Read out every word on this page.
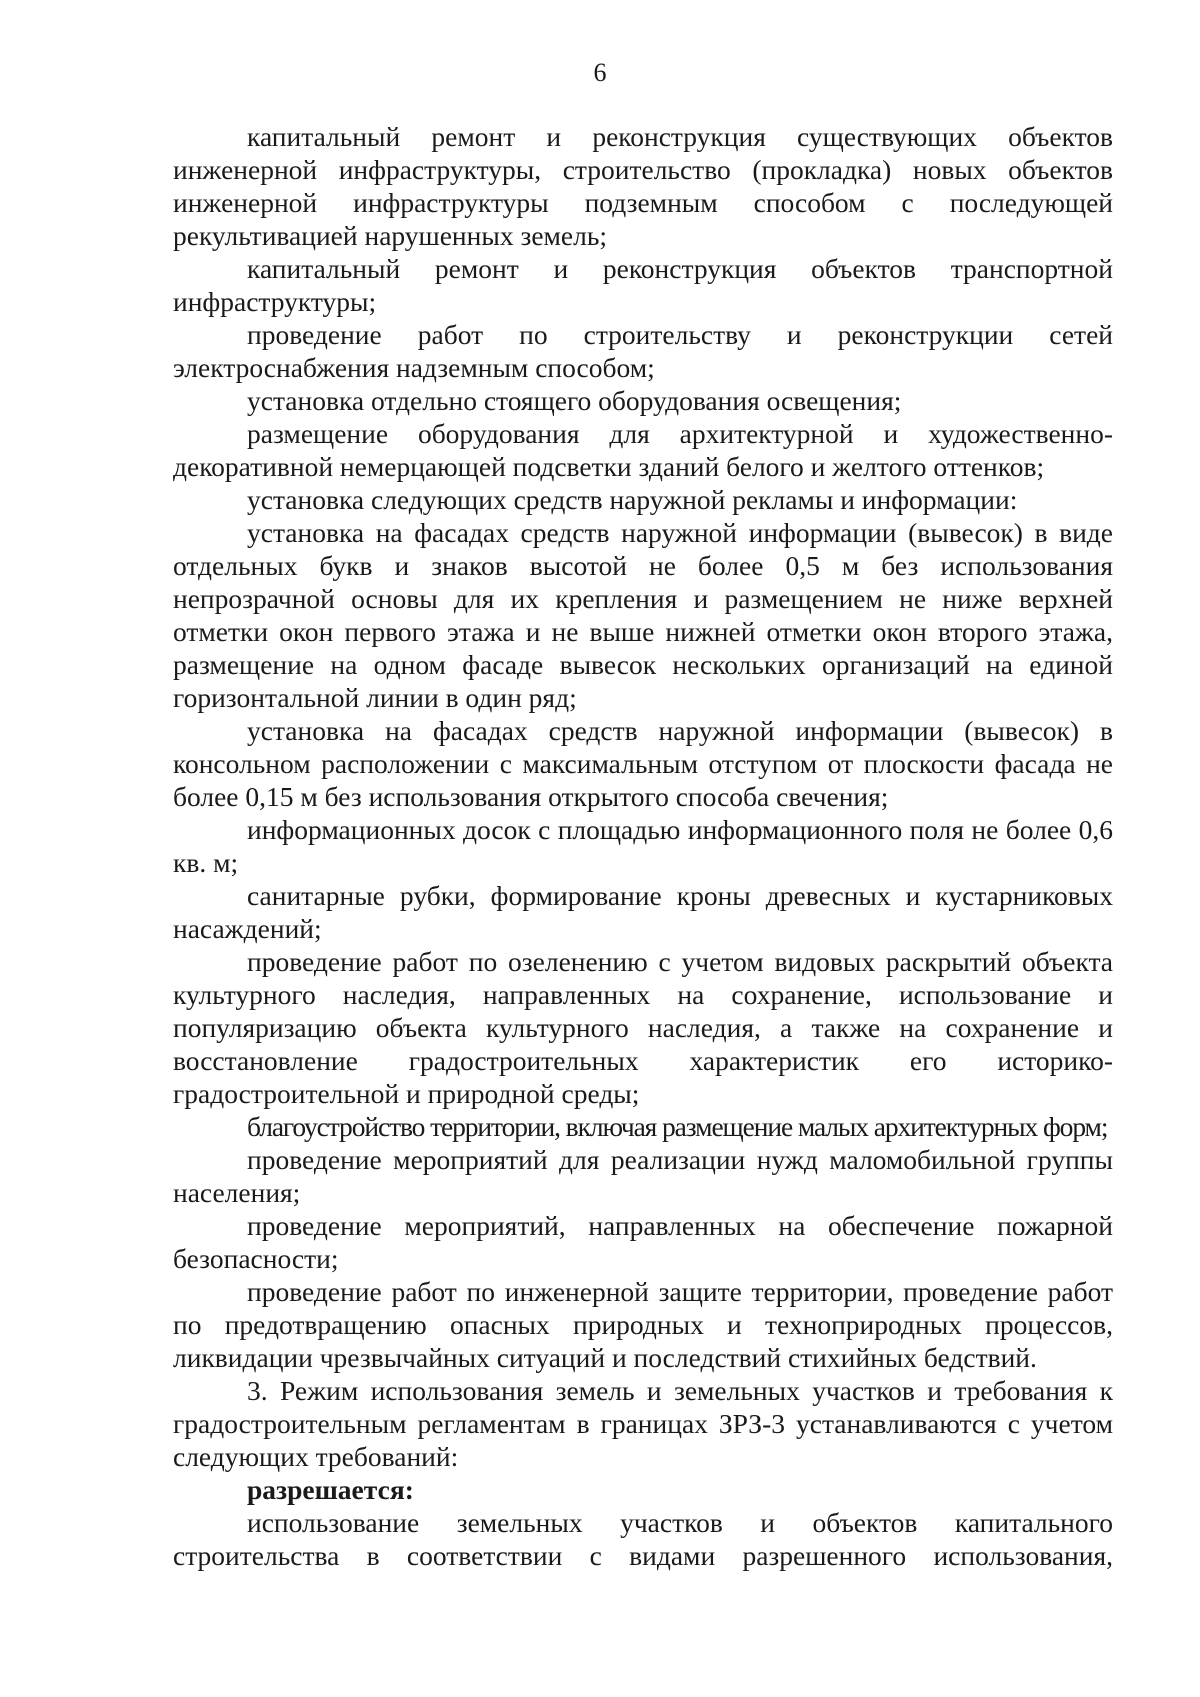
6

капитальный ремонт и реконструкция существующих объектов инженерной инфраструктуры, строительство (прокладка) новых объектов инженерной инфраструктуры подземным способом с последующей рекультивацией нарушенных земель;

капитальный ремонт и реконструкция объектов транспортной инфраструктуры;

проведение работ по строительству и реконструкции сетей электроснабжения надземным способом;

установка отдельно стоящего оборудования освещения;

размещение оборудования для архитектурной и художественно-декоративной немерцающей подсветки зданий белого и желтого оттенков;

установка следующих средств наружной рекламы и информации:

установка на фасадах средств наружной информации (вывесок) в виде отдельных букв и знаков высотой не более 0,5 м без использования непрозрачной основы для их крепления и размещением не ниже верхней отметки окон первого этажа и не выше нижней отметки окон второго этажа, размещение на одном фасаде вывесок нескольких организаций на единой горизонтальной линии в один ряд;

установка на фасадах средств наружной информации (вывесок) в консольном расположении с максимальным отступом от плоскости фасада не более 0,15 м без использования открытого способа свечения;

информационных досок с площадью информационного поля не более 0,6 кв. м;

санитарные рубки, формирование кроны древесных и кустарниковых насаждений;

проведение работ по озеленению с учетом видовых раскрытий объекта культурного наследия, направленных на сохранение, использование и популяризацию объекта культурного наследия, а также на сохранение и восстановление градостроительных характеристик его историко-градостроительной и природной среды;

благоустройство территории, включая размещение малых архитектурных форм;

проведение мероприятий для реализации нужд маломобильной группы населения;

проведение мероприятий, направленных на обеспечение пожарной безопасности;

проведение работ по инженерной защите территории, проведение работ по предотвращению опасных природных и техноприродных процессов, ликвидации чрезвычайных ситуаций и последствий стихийных бедствий.

3. Режим использования земель и земельных участков и требования к градостроительным регламентам в границах ЗРЗ-3 устанавливаются с учетом следующих требований:

разрешается:

использование земельных участков и объектов капитального строительства в соответствии с видами разрешенного использования,
